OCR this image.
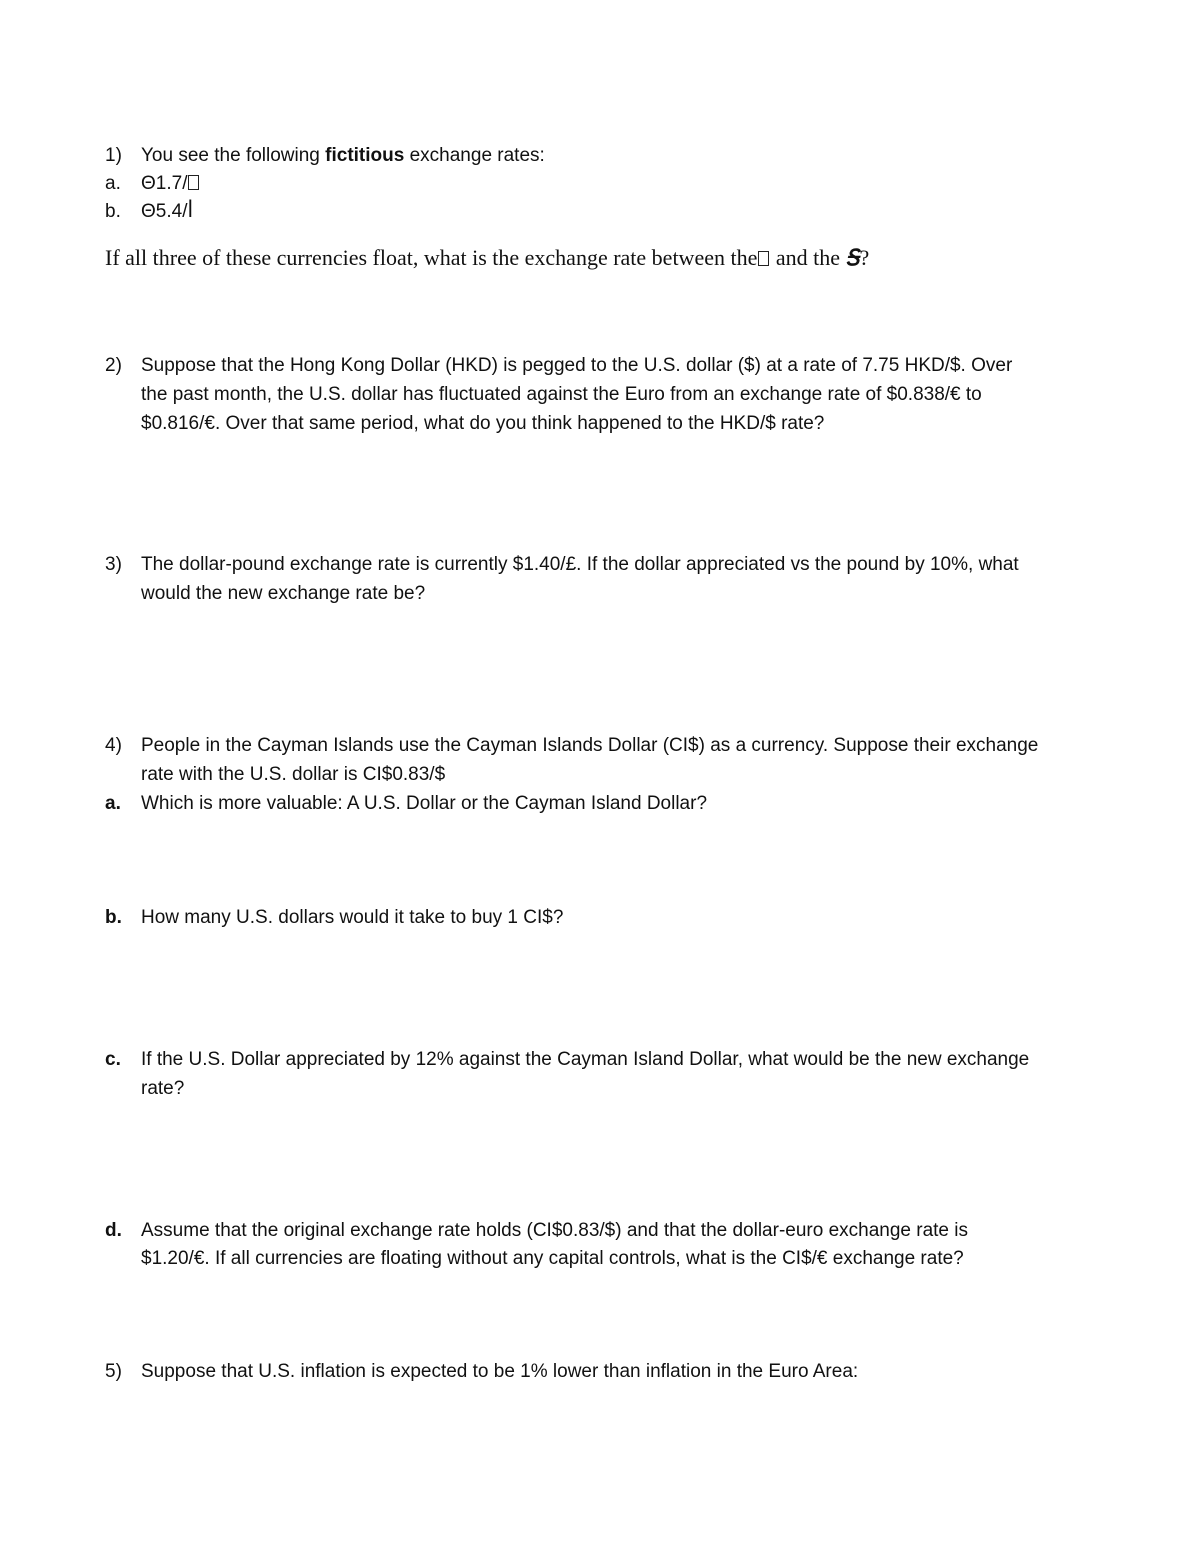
1) You see the following fictitious exchange rates:
a. Θ1.7/
b. Θ5.4/ꟾ
If all three of these currencies float, what is the exchange rate between the and the Ꭶ?
2) Suppose that the Hong Kong Dollar (HKD) is pegged to the U.S. dollar ($) at a rate of 7.75 HKD/$. Over
the past month, the U.S. dollar has fluctuated against the Euro from an exchange rate of $0.838/€ to
$0.816/€. Over that same period, what do you think happened to the HKD/$ rate?
3) The dollar-pound exchange rate is currently $1.40/£. If the dollar appreciated vs the pound by 10%, what
would the new exchange rate be?
4) People in the Cayman Islands use the Cayman Islands Dollar (CI$) as a currency. Suppose their exchange
rate with the U.S. dollar is CI$0.83/$
a. Which is more valuable: A U.S. Dollar or the Cayman Island Dollar?
b. How many U.S. dollars would it take to buy 1 CI$?
c. If the U.S. Dollar appreciated by 12% against the Cayman Island Dollar, what would be the new exchange
rate?
d. Assume that the original exchange rate holds (CI$0.83/$) and that the dollar-euro exchange rate is
$1.20/€. If all currencies are floating without any capital controls, what is the CI$/€ exchange rate?
5) Suppose that U.S. inflation is expected to be 1% lower than inflation in the Euro Area:
